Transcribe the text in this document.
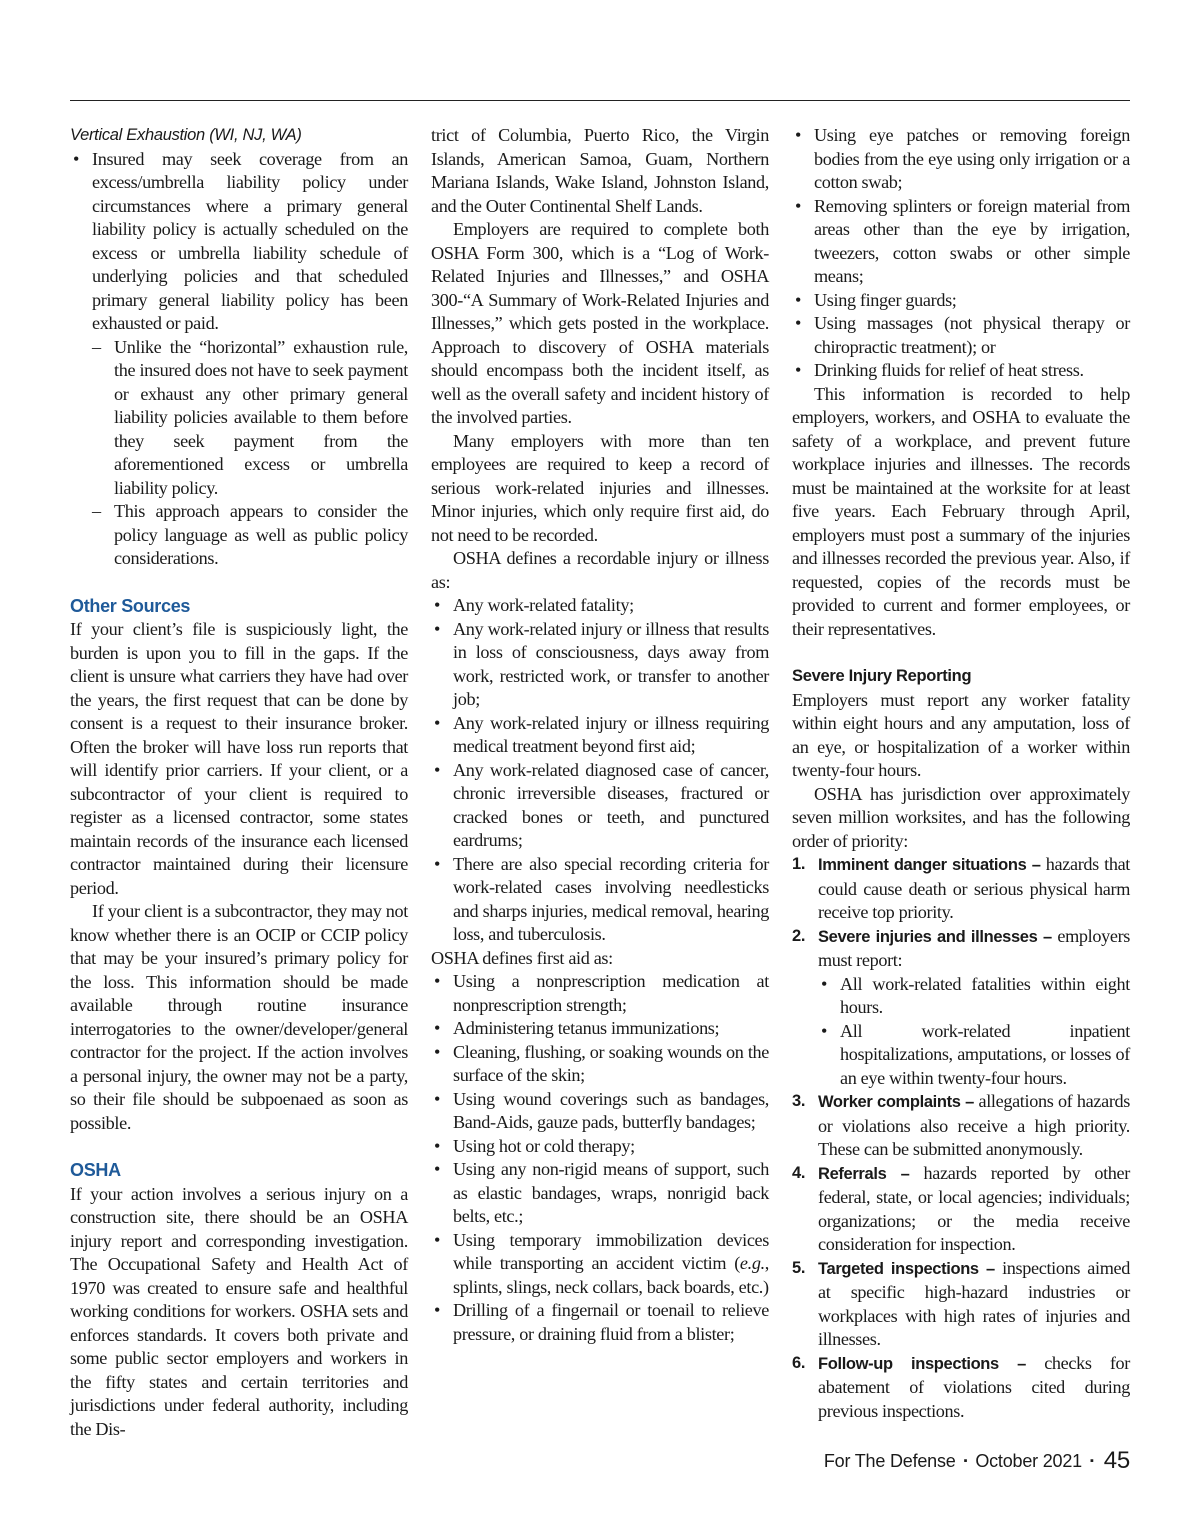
Vertical Exhaustion (WI, NJ, WA)

• Insured may seek coverage from an excess/umbrella liability policy under circumstances where a primary general liability policy is actually scheduled on the excess or umbrella liability schedule of underlying policies and that scheduled primary general liability policy has been exhausted or paid.
– Unlike the “horizontal” exhaustion rule, the insured does not have to seek payment or exhaust any other primary general liability policies available to them before they seek payment from the aforementioned excess or umbrella liability policy.
– This approach appears to consider the policy language as well as public policy considerations.

Other Sources

If your client’s file is suspiciously light, the burden is upon you to fill in the gaps. If the client is unsure what carriers they have had over the years, the first request that can be done by consent is a request to their insurance broker. Often the broker will have loss run reports that will identify prior carriers. If your client, or a subcontractor of your client is required to register as a licensed contractor, some states maintain records of the insurance each licensed contractor maintained during their licensure period.

If your client is a subcontractor, they may not know whether there is an OCIP or CCIP policy that may be your insured’s primary policy for the loss. This information should be made available through routine insurance interrogatories to the owner/developer/general contractor for the project. If the action involves a personal injury, the owner may not be a party, so their file should be subpoenaed as soon as possible.

OSHA

If your action involves a serious injury on a construction site, there should be an OSHA injury report and corresponding investigation. The Occupational Safety and Health Act of 1970 was created to ensure safe and healthful working conditions for workers. OSHA sets and enforces standards. It covers both private and some public sector employers and workers in the fifty states and certain territories and jurisdictions under federal authority, including the Dis-

trict of Columbia, Puerto Rico, the Virgin Islands, American Samoa, Guam, Northern Mariana Islands, Wake Island, Johnston Island, and the Outer Continental Shelf Lands.

Employers are required to complete both OSHA Form 300, which is a “Log of Work-Related Injuries and Illnesses,” and OSHA 300-“A Summary of Work-Related Injuries and Illnesses,” which gets posted in the workplace. Approach to discovery of OSHA materials should encompass both the incident itself, as well as the overall safety and incident history of the involved parties.

Many employers with more than ten employees are required to keep a record of serious work-related injuries and illnesses. Minor injuries, which only require first aid, do not need to be recorded.

OSHA defines a recordable injury or illness as:

• Any work-related fatality;
• Any work-related injury or illness that results in loss of consciousness, days away from work, restricted work, or transfer to another job;
• Any work-related injury or illness requiring medical treatment beyond first aid;
• Any work-related diagnosed case of cancer, chronic irreversible diseases, fractured or cracked bones or teeth, and punctured eardrums;
• There are also special recording criteria for work-related cases involving needlesticks and sharps injuries, medical removal, hearing loss, and tuberculosis.

OSHA defines first aid as:

• Using a nonprescription medication at nonprescription strength;
• Administering tetanus immunizations;
• Cleaning, flushing, or soaking wounds on the surface of the skin;
• Using wound coverings such as bandages, Band-Aids, gauze pads, butterfly bandages;
• Using hot or cold therapy;
• Using any non-rigid means of support, such as elastic bandages, wraps, nonrigid back belts, etc.;
• Using temporary immobilization devices while transporting an accident victim (e.g., splints, slings, neck collars, back boards, etc.)
• Drilling of a fingernail or toenail to relieve pressure, or draining fluid from a blister;
• Using eye patches or removing foreign bodies from the eye using only irrigation or a cotton swab;
• Removing splinters or foreign material from areas other than the eye by irrigation, tweezers, cotton swabs or other simple means;
• Using finger guards;
• Using massages (not physical therapy or chiropractic treatment); or
• Drinking fluids for relief of heat stress.

This information is recorded to help employers, workers, and OSHA to evaluate the safety of a workplace, and prevent future workplace injuries and illnesses. The records must be maintained at the worksite for at least five years. Each February through April, employers must post a summary of the injuries and illnesses recorded the previous year. Also, if requested, copies of the records must be provided to current and former employees, or their representatives.

Severe Injury Reporting

Employers must report any worker fatality within eight hours and any amputation, loss of an eye, or hospitalization of a worker within twenty-four hours.

OSHA has jurisdiction over approximately seven million worksites, and has the following order of priority:

1. Imminent danger situations – hazards that could cause death or serious physical harm receive top priority.
2. Severe injuries and illnesses – employers must report:
• All work-related fatalities within eight hours.
• All work-related inpatient hospitalizations, amputations, or losses of an eye within twenty-four hours.
3. Worker complaints – allegations of hazards or violations also receive a high priority. These can be submitted anonymously.
4. Referrals – hazards reported by other federal, state, or local agencies; individuals; organizations; or the media receive consideration for inspection.
5. Targeted inspections – inspections aimed at specific high-hazard industries or workplaces with high rates of injuries and illnesses.
6. Follow-up inspections – checks for abatement of violations cited during previous inspections.
For The Defense ▪ October 2021 ▪ 45
